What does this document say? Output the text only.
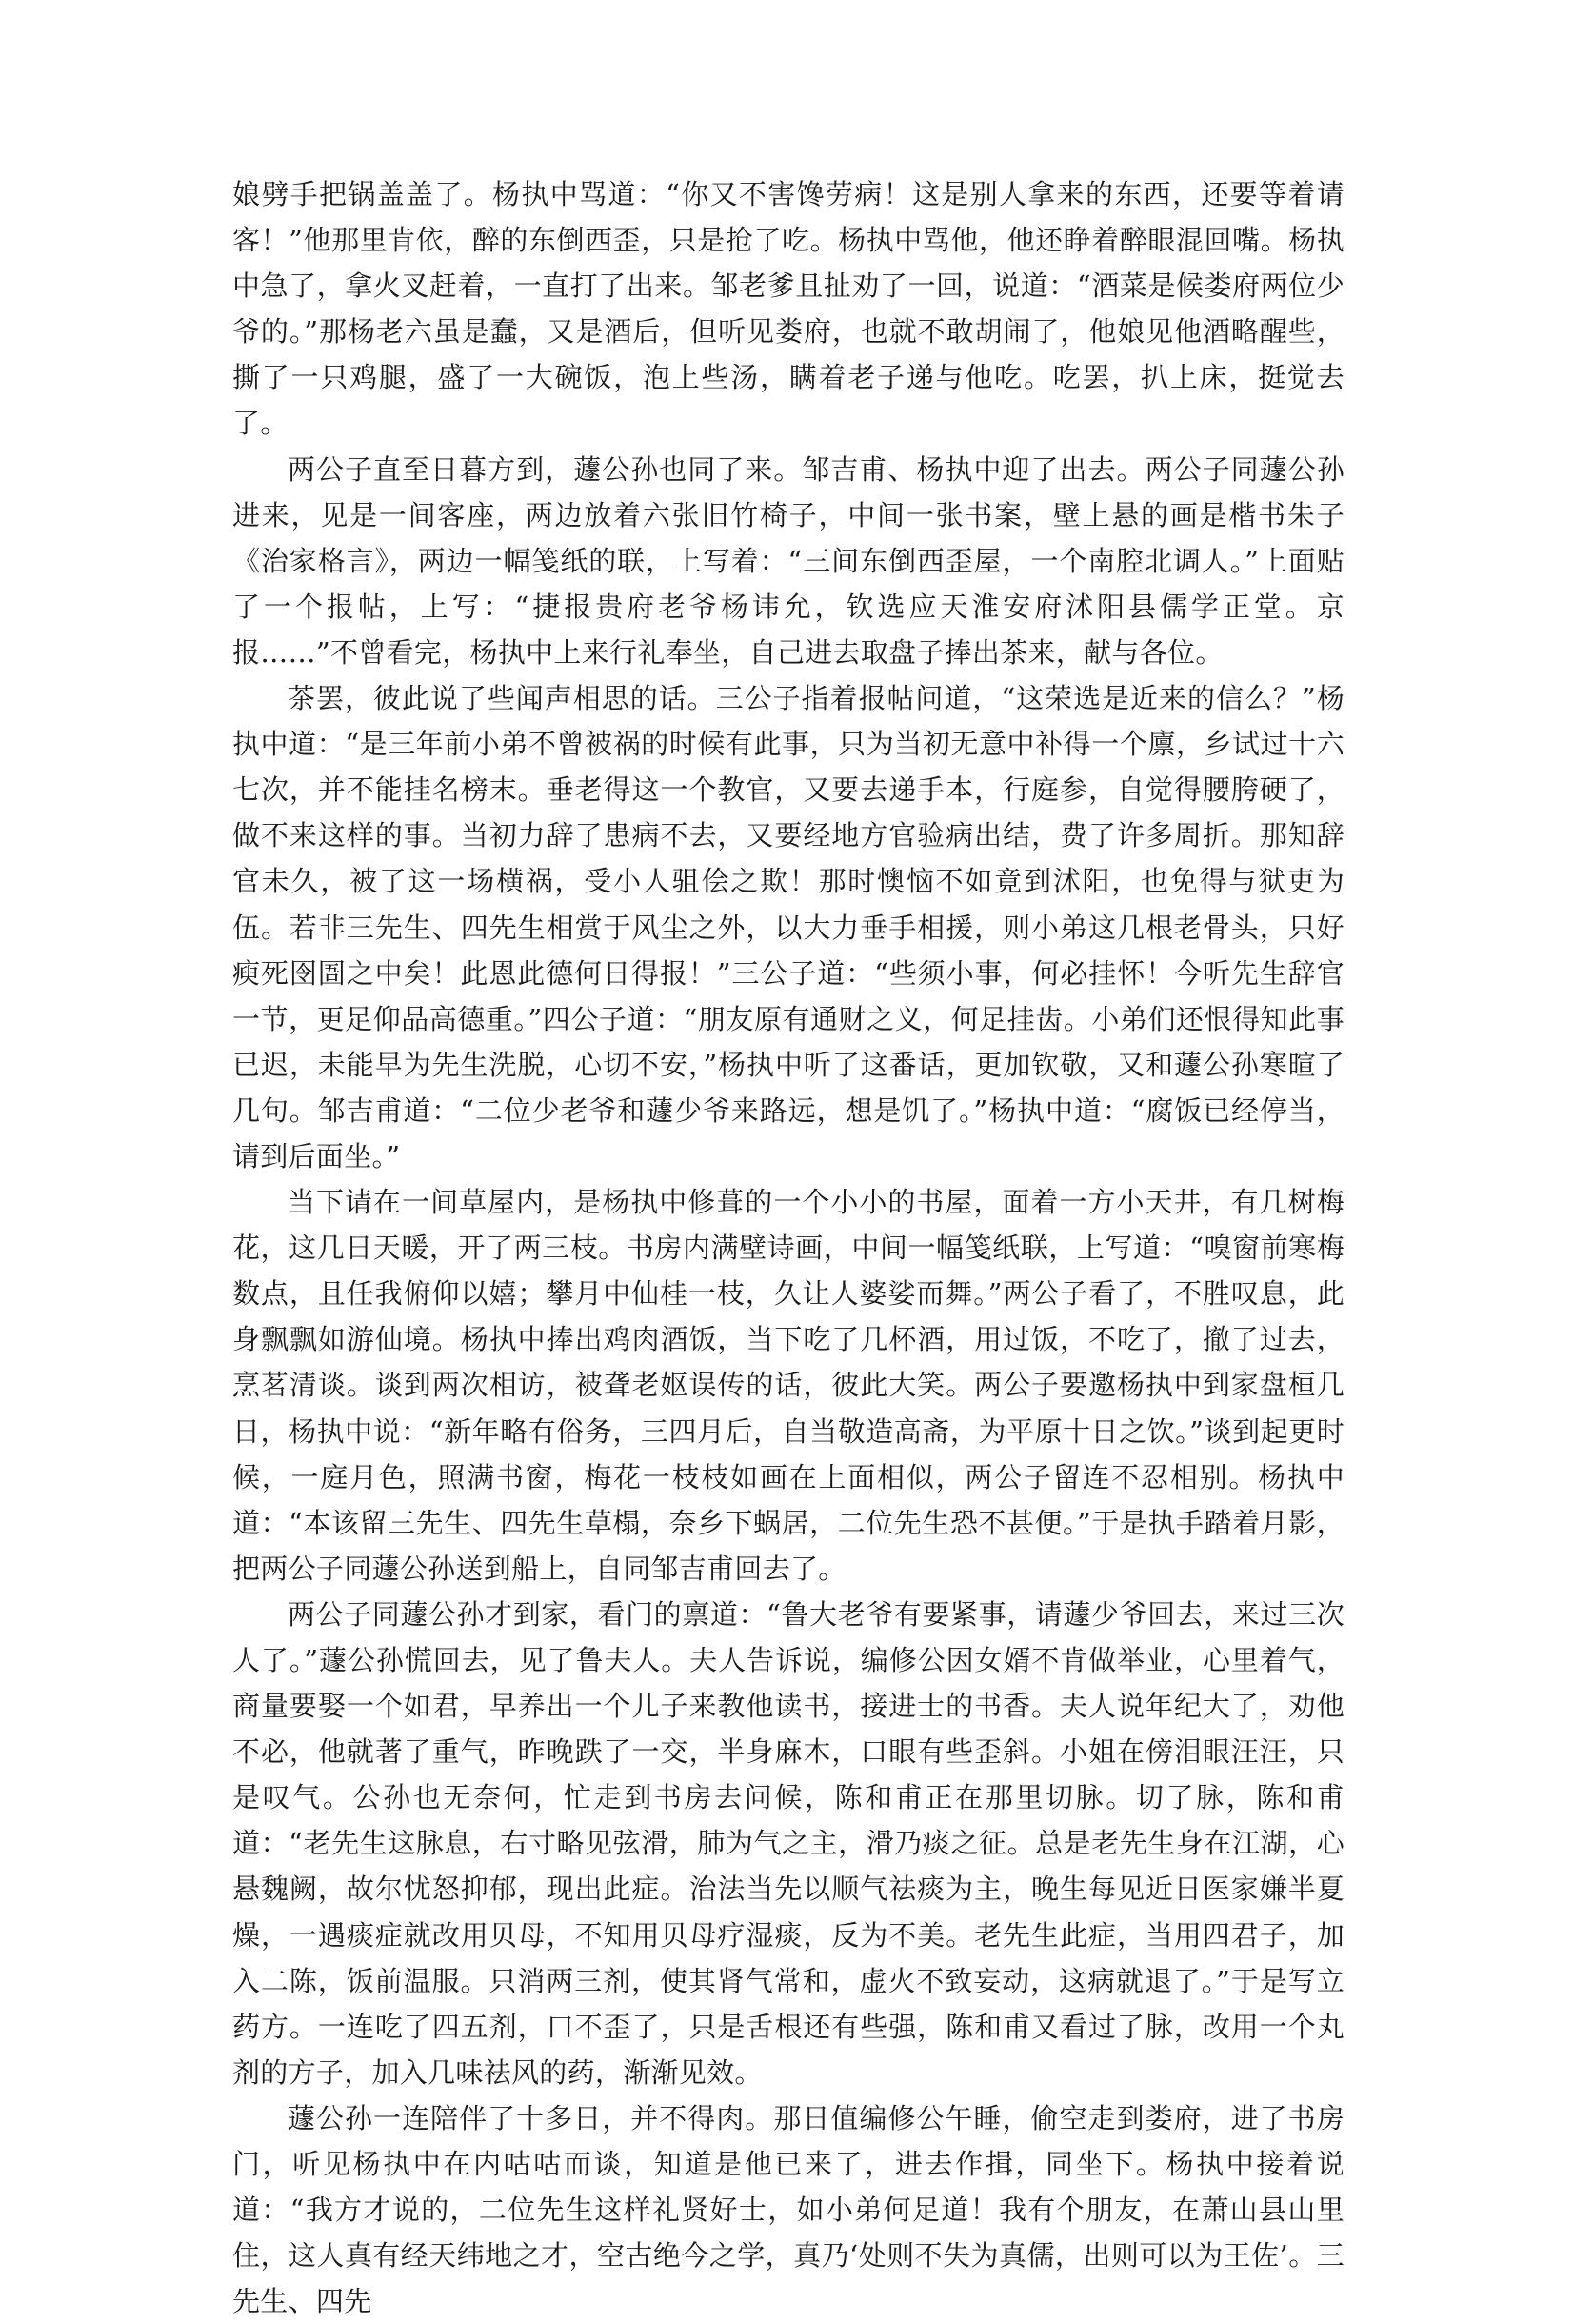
娘劈手把锅盖盖了。杨执中骂道：“你又不害馋劳病！这是别人拿来的东西，还要等着请客！”他那里肯依，醉的东倒西歪，只是抢了吃。杨执中骂他，他还睁着醉眼混回嘴。杨执中急了，拿火叉赶着，一直打了出来。邹老爹且扯劝了一回，说道：“酒菜是候娄府两位少爷的。”那杨老六虽是蠢，又是酒后，但听见娄府，也就不敢胡闹了，他娘见他酒略醒些，撕了一只鸡腿，盛了一大碗饭，泡上些汤，瞒着老子递与他吃。吃罢，扒上床，挺觉去了。

两公子直至日暮方到，蘧公孙也同了来。邹吉甫、杨执中迎了出去。两公子同蘧公孙进来，见是一间客座，两边放着六张旧竹椅子，中间一张书案，壁上悬的画是楷书朱子《治家格言》，两边一幅笺纸的联，上写着：“三间东倒西歪屋，一个南腔北调人。”上面贴了一个报帖，上写：“捷报贵府老爷杨讳允，钦选应天淮安府沭阳县儒学正堂。京报……”不曾看完，杨执中上来行礼奉坐，自己进去取盘子捧出茶来，献与各位。

茶罢，彼此说了些闻声相思的话。三公子指着报帖问道，“这荣选是近来的信么？”杨执中道：“是三年前小弟不曾被祸的时候有此事，只为当初无意中补得一个廪，乡试过十六七次，并不能挂名榜末。垂老得这一个教官，又要去递手本，行庭参，自觉得腰胯硬了，做不来这样的事。当初力辞了患病不去，又要经地方官验病出结，费了许多周折。那知辞官未久，被了这一场横祸，受小人驵侩之欺！那时懊恼不如竟到沭阳，也免得与狱吏为伍。若非三先生、四先生相赏于风尘之外，以大力垂手相援，则小弟这几根老骨头，只好瘐死囹圄之中矣！此恩此德何日得报！”三公子道：“些须小事，何必挂怀！今听先生辞官一节，更足仰品高德重。”四公子道：“朋友原有通财之义，何足挂齿。小弟们还恨得知此事已迟，未能早为先生洗脱，心切不安，”杨执中听了这番话，更加钦敬，又和蘧公孙寒暄了几句。邹吉甫道：“二位少老爷和蘧少爷来路远，想是饥了。”杨执中道：“腐饭已经停当，请到后面坐。”

当下请在一间草屋内，是杨执中修葺的一个小小的书屋，面着一方小天井，有几树梅花，这几日天暖，开了两三枝。书房内满壁诗画，中间一幅笺纸联，上写道：“嗅窗前寒梅数点，且任我俯仰以嬉；攀月中仙桂一枝，久让人婆娑而舞。”两公子看了，不胜叹息，此身飘飘如游仙境。杨执中捧出鸡肉酒饭，当下吃了几杯酒，用过饭，不吃了，撤了过去，烹茗清谈。谈到两次相访，被聋老妪误传的话，彼此大笑。两公子要邀杨执中到家盘桓几日，杨执中说：“新年略有俗务，三四月后，自当敬造高斋，为平原十日之饮。”谈到起更时候，一庭月色，照满书窗，梅花一枝枝如画在上面相似，两公子留连不忍相别。杨执中道：“本该留三先生、四先生草榻，奈乡下蜗居，二位先生恐不甚便。”于是执手踏着月影，把两公子同蘧公孙送到船上，自同邹吉甫回去了。

两公子同蘧公孙才到家，看门的禀道：“鲁大老爷有要紧事，请蘧少爷回去，来过三次人了。”蘧公孙慌回去，见了鲁夫人。夫人告诉说，编修公因女婿不肯做举业，心里着气，商量要娶一个如君，早养出一个儿子来教他读书，接进士的书香。夫人说年纪大了，劝他不必，他就著了重气，昨晚跌了一交，半身麻木，口眼有些歪斜。小姐在傍泪眼汪汪，只是叹气。公孙也无奈何，忙走到书房去问候，陈和甫正在那里切脉。切了脉，陈和甫道：“老先生这脉息，右寸略见弦滑，肺为气之主，滑乃痰之征。总是老先生身在江湖，心悬魏阙，故尔忧怒抑郁，现出此症。治法当先以顺气祛痰为主，晚生每见近日医家嫌半夏燥，一遇痰症就改用贝母，不知用贝母疗湿痰，反为不美。老先生此症，当用四君子，加入二陈，饭前温服。只消两三剂，使其肾气常和，虚火不致妄动，这病就退了。”于是写立药方。一连吃了四五剂，口不歪了，只是舌根还有些强，陈和甫又看过了脉，改用一个丸剂的方子，加入几味祛风的药，渐渐见效。

蘧公孙一连陪伴了十多日，并不得肉。那日值编修公午睡，偷空走到娄府，进了书房门，听见杨执中在内咕咕而谈，知道是他已来了，进去作揖，同坐下。杨执中接着说道：“我方才说的，二位先生这样礼贤好士，如小弟何足道！我有个朋友，在萧山县山里住，这人真有经天纬地之才，空古绝今之学，真乃‘处则不失为真儒，出则可以为王佐’。三先生、四先
